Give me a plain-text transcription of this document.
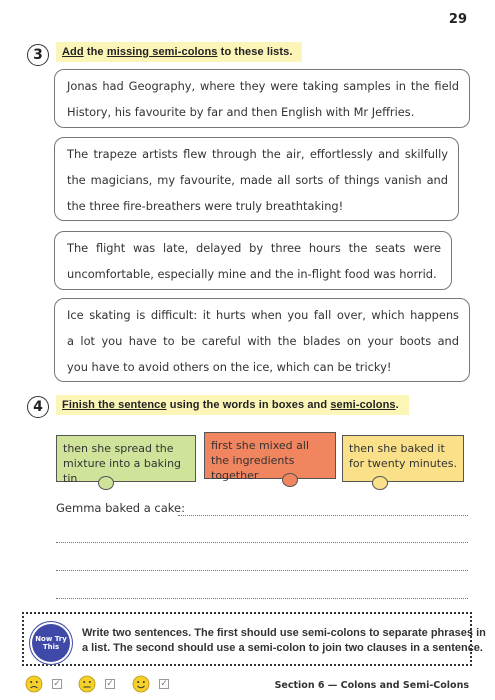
29
3	Add the missing semi-colons to these lists.
Jonas had Geography, where they were taking samples in the field
History, his favourite by far and then English with Mr Jeffries.
The trapeze artists flew through the air, effortlessly and skilfully
the magicians, my favourite, made all sorts of things vanish and
the three fire-breathers were truly breathtaking!
The flight was late, delayed by three hours the seats were
uncomfortable, especially mine and the in-flight food was horrid.
Ice skating is difficult: it hurts when you fall over, which happens
a lot you have to be careful with the blades on your boots and
you have to avoid others on the ice, which can be tricky!
4	Finish the sentence using the words in boxes and semi-colons.
then she spread the mixture into a baking tin
first she mixed all the ingredients together
then she baked it for twenty minutes.
Gemma baked a cake:
Now Try
This
Write two sentences. The first should use semi-colons to separate phrases in
a list. The second should use a semi-colon to join two clauses in a sentence.
✓	✓	✓	Section 6 — Colons and Semi-Colons
